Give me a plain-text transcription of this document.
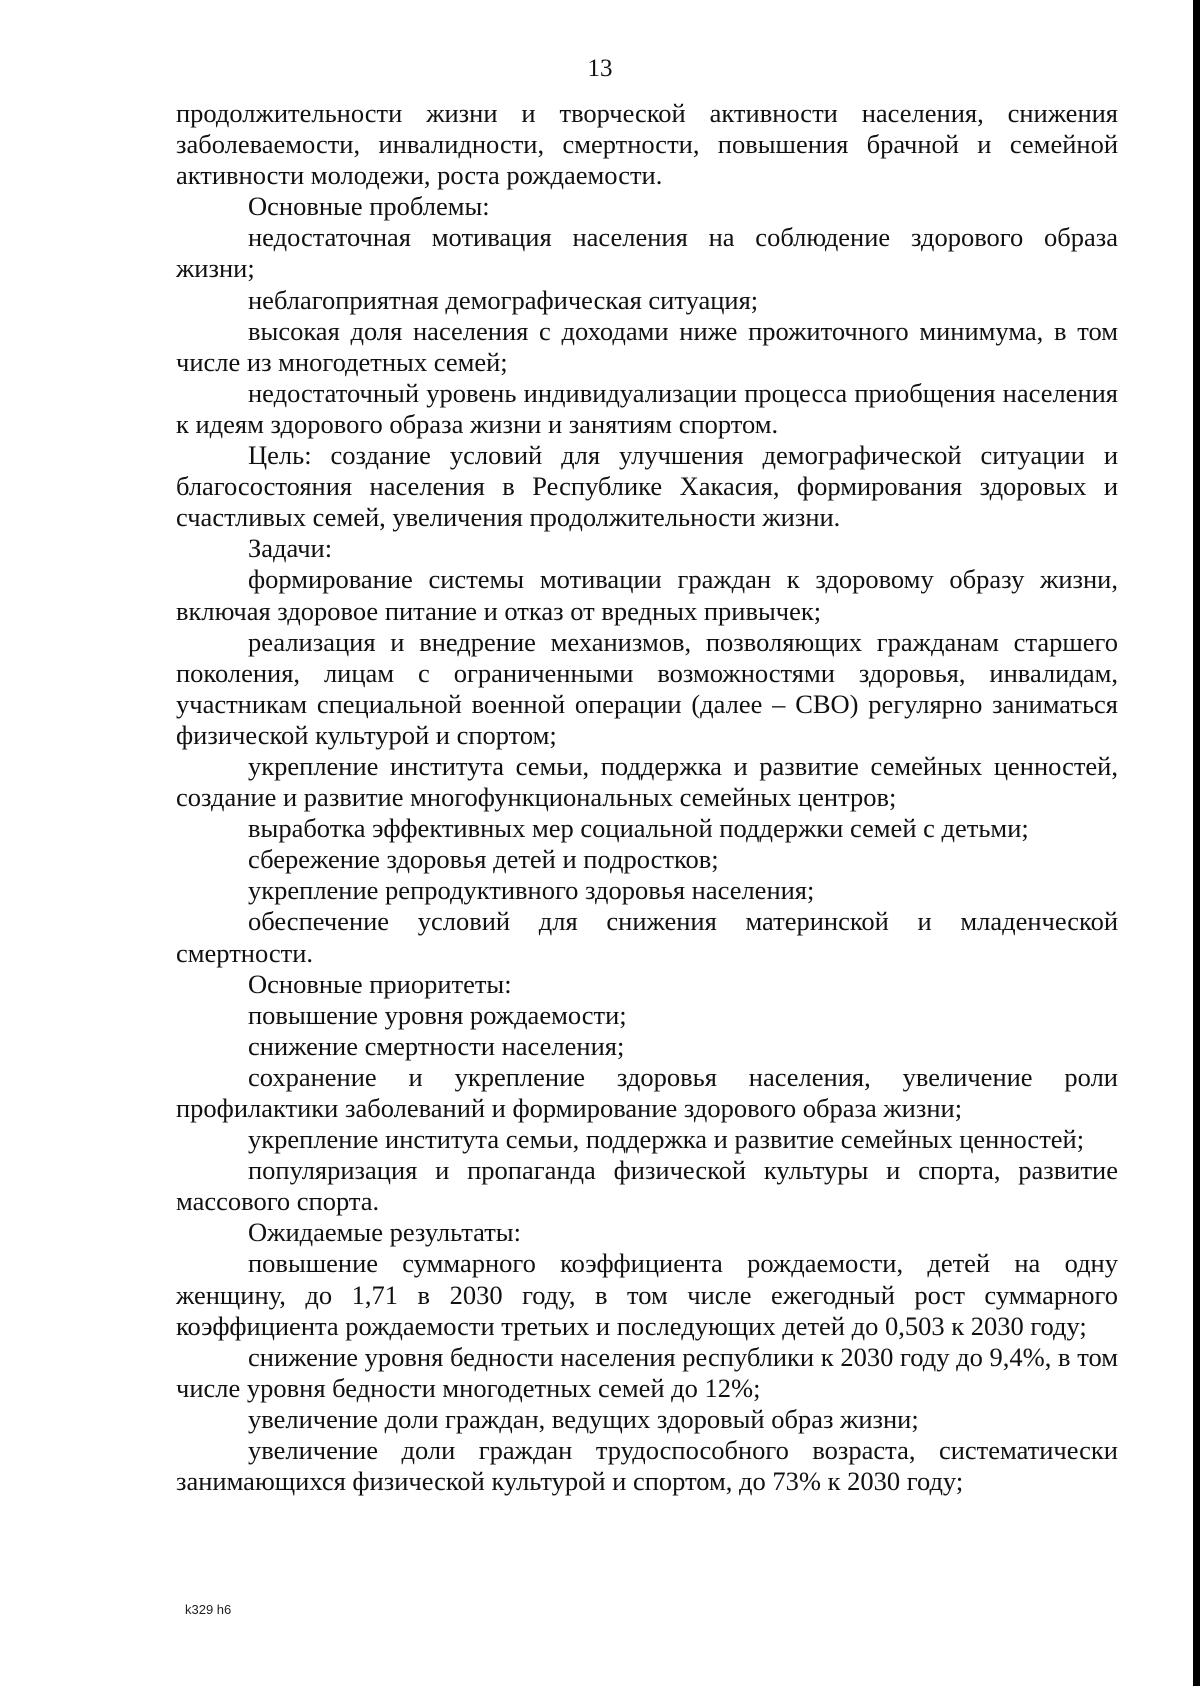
13

продолжительности жизни и творческой активности населения, снижения заболеваемости, инвалидности, смертности, повышения брачной и семейной активности молодежи, роста рождаемости.

Основные проблемы:

недостаточная мотивация населения на соблюдение здорового образа жизни;

неблагоприятная демографическая ситуация;

высокая доля населения с доходами ниже прожиточного минимума, в том числе из многодетных семей;

недостаточный уровень индивидуализации процесса приобщения населения к идеям здорового образа жизни и занятиям спортом.

Цель: создание условий для улучшения демографической ситуации и благосостояния населения в Республике Хакасия, формирования здоровых и счастливых семей, увеличения продолжительности жизни.

Задачи:

формирование системы мотивации граждан к здоровому образу жизни, включая здоровое питание и отказ от вредных привычек;

реализация и внедрение механизмов, позволяющих гражданам старшего поколения, лицам с ограниченными возможностями здоровья, инвалидам, участникам специальной военной операции (далее – СВО) регулярно заниматься физической культурой и спортом;

укрепление института семьи, поддержка и развитие семейных ценностей, создание и развитие многофункциональных семейных центров;

выработка эффективных мер социальной поддержки семей с детьми;

сбережение здоровья детей и подростков;

укрепление репродуктивного здоровья населения;

обеспечение условий для снижения материнской и младенческой смертности.

Основные приоритеты:

повышение уровня рождаемости;

снижение смертности населения;

сохранение и укрепление здоровья населения, увеличение роли профилактики заболеваний и формирование здорового образа жизни;

укрепление института семьи, поддержка и развитие семейных ценностей;

популяризация и пропаганда физической культуры и спорта, развитие массового спорта.

Ожидаемые результаты:

повышение суммарного коэффициента рождаемости, детей на одну женщину, до 1,71 в 2030 году, в том числе ежегодный рост суммарного коэффициента рождаемости третьих и последующих детей до 0,503 к 2030 году;

снижение уровня бедности населения республики к 2030 году до 9,4%, в том числе уровня бедности многодетных семей до 12%;

увеличение доли граждан, ведущих здоровый образ жизни;

увеличение доли граждан трудоспособного возраста, систематически занимающихся физической культурой и спортом, до 73% к 2030 году;

k329 h6
